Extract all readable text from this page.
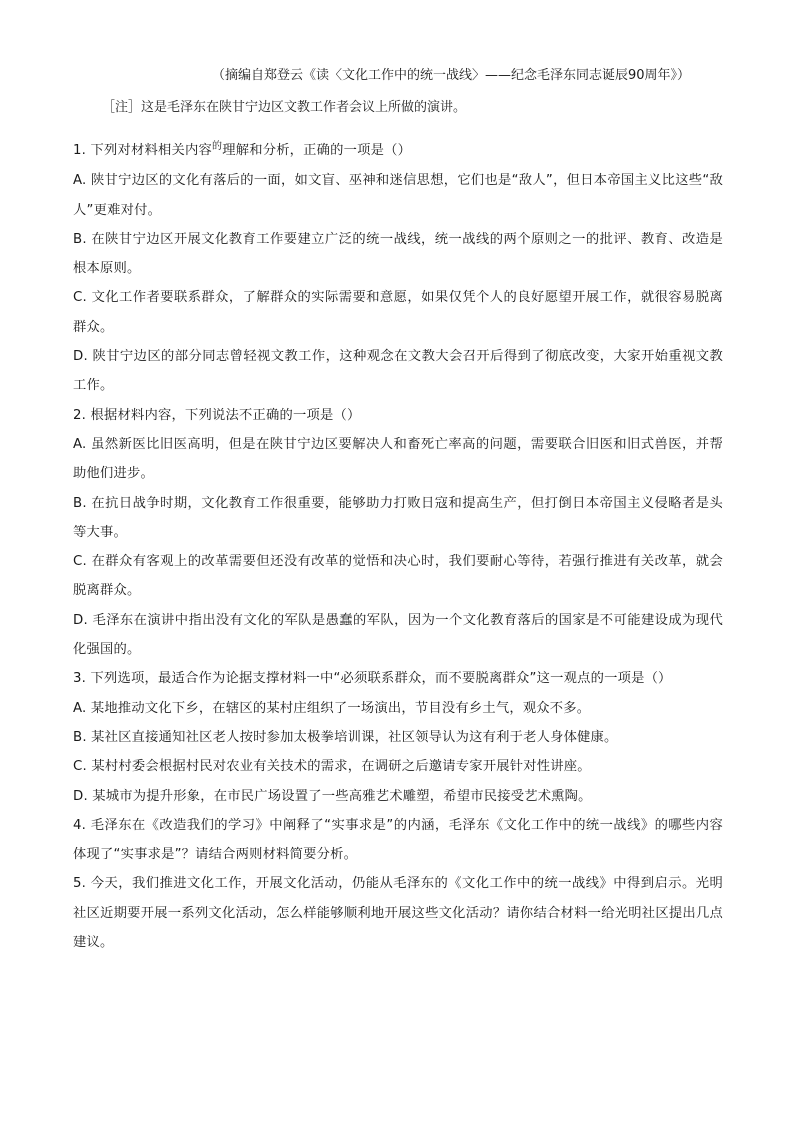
（摘编自郑登云《读〈文化工作中的统一战线〉——纪念毛泽东同志诞辰90周年》）
［注］这是毛泽东在陕甘宁边区文教工作者会议上所做的演讲。

1. 下列对材料相关内容$^的$理解和分析，正确的一项是（）

A. 陕甘宁边区的文化有落后的一面，如文盲、巫神和迷信思想，它们也是“敌人”，但日本帝国主义比这些“敌人”更难对付。

B. 在陕甘宁边区开展文化教育工作要建立广泛的统一战线，统一战线的两个原则之一的批评、教育、改造是根本原则。

C. 文化工作者要联系群众，了解群众的实际需要和意愿，如果仅凭个人的良好愿望开展工作，就很容易脱离群众。

D. 陕甘宁边区的部分同志曾轻视文教工作，这种观念在文教大会召开后得到了彻底改变，大家开始重视文教工作。

2. 根据材料内容，下列说法不正确的一项是（）

A. 虽然新医比旧医高明，但是在陕甘宁边区要解决人和畜死亡率高的问题，需要联合旧医和旧式兽医，并帮助他们进步。

B. 在抗日战争时期，文化教育工作很重要，能够助力打败日寇和提高生产，但打倒日本帝国主义侵略者是头等大事。

C. 在群众有客观上的改革需要但还没有改革的觉悟和决心时，我们要耐心等待，若强行推进有关改革，就会脱离群众。

D. 毛泽东在演讲中指出没有文化的军队是愚蠢的军队，因为一个文化教育落后的国家是不可能建设成为现代化强国的。

3. 下列选项，最适合作为论据支撑材料一中“必须联系群众，而不要脱离群众”这一观点的一项是（）

A. 某地推动文化下乡，在辖区的某村庄组织了一场演出，节目没有乡土气，观众不多。

B. 某社区直接通知社区老人按时参加太极拳培训课，社区领导认为这有利于老人身体健康。

C. 某村村委会根据村民对农业有关技术的需求，在调研之后邀请专家开展针对性讲座。

D. 某城市为提升形象，在市民广场设置了一些高雅艺术雕塑，希望市民接受艺术熏陶。

4. 毛泽东在《改造我们的学习》中阐释了“实事求是”的内涵，毛泽东《文化工作中的统一战线》的哪些内容体现了“实事求是”？请结合两则材料简要分析。

5. 今天，我们推进文化工作，开展文化活动，仍能从毛泽东的《文化工作中的统一战线》中得到启示。光明社区近期要开展一系列文化活动，怎么样能够顺利地开展这些文化活动？请你结合材料一给光明社区提出几点建议。
